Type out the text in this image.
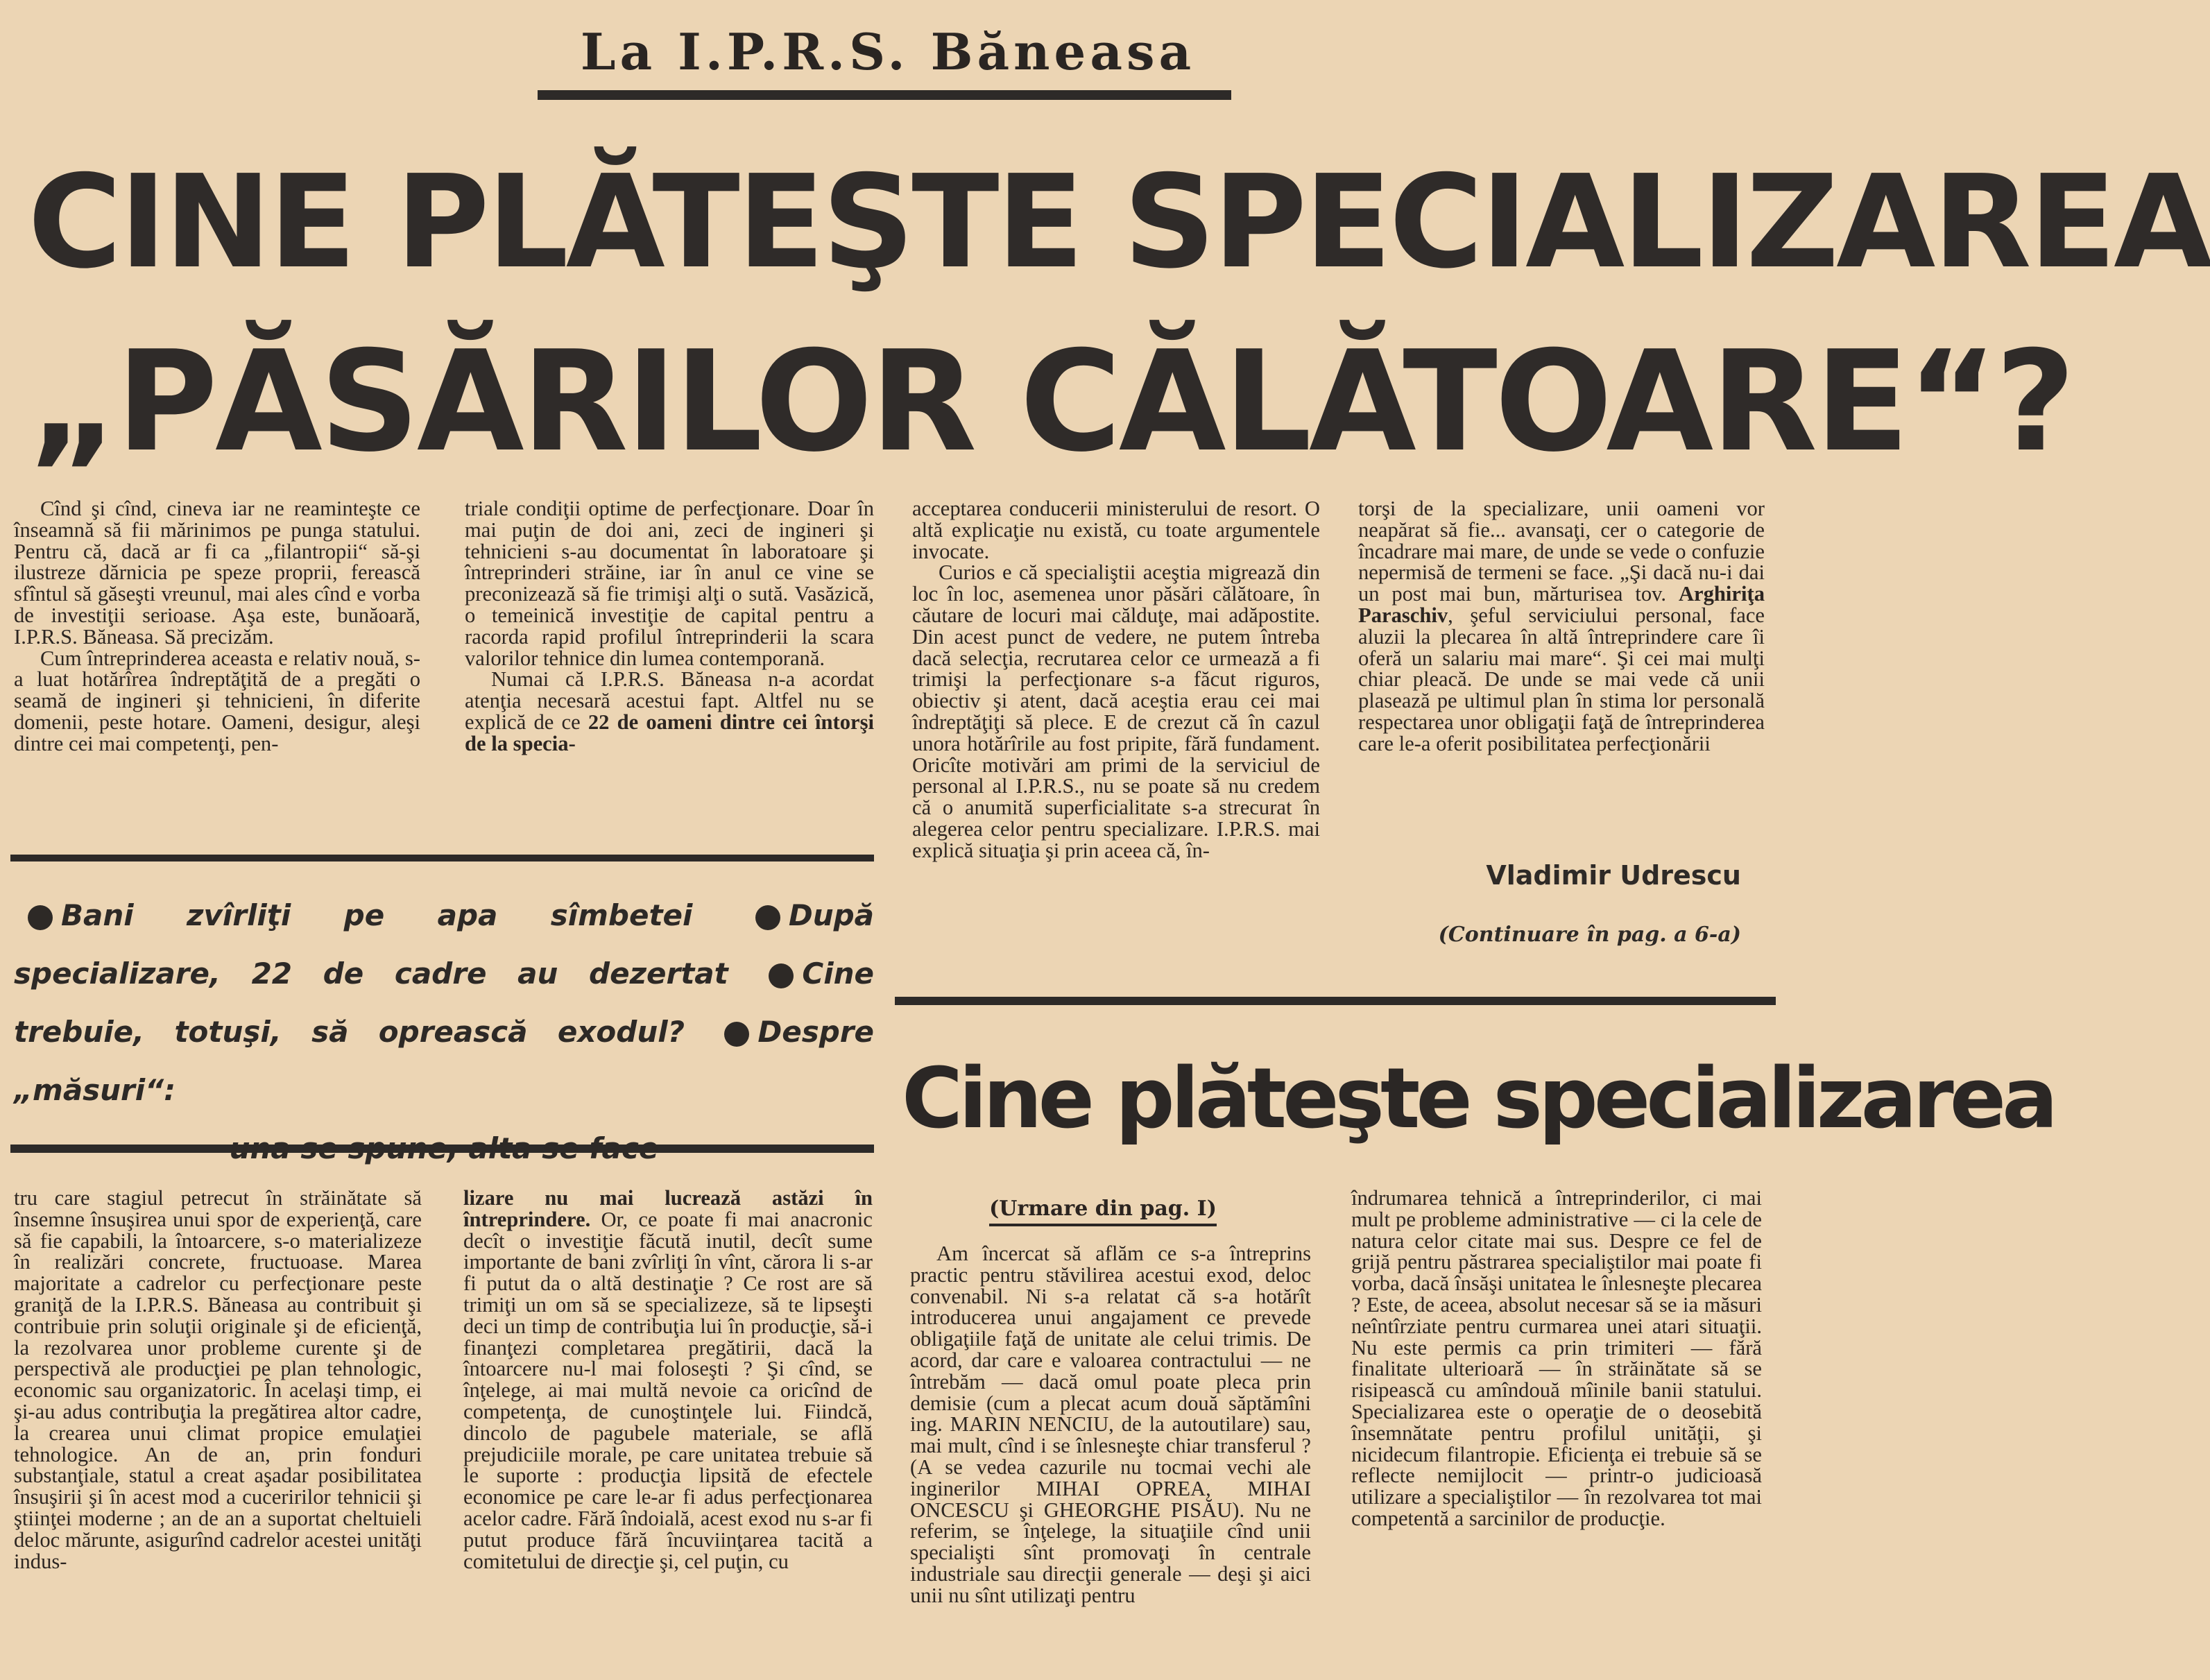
La I.P.R.S. Băneasa
CINE PLĂTEŞTE SPECIALIZAREA
„PĂSĂRILOR CĂLĂTOARE“?

Cînd şi cînd, cineva iar ne reaminteşte ce înseamnă să fii mărinimos pe punga statului. Pentru că, dacă ar fi ca „filantropii“ să-şi ilustreze dărnicia pe speze proprii, ferească sfîntul să găseşti vreunul, mai ales cînd e vorba de investiţii serioase. Aşa este, bunăoară, I.P.R.S. Băneasa. Să precizăm.

Cum întreprinderea aceasta e relativ nouă, s-a luat hotărîrea îndreptăţită de a pregăti o seamă de ingineri şi tehnicieni, în diferite domenii, peste hotare. Oameni, desigur, aleşi dintre cei mai competenţi, pen-

triale condiţii optime de perfecţionare. Doar în mai puţin de doi ani, zeci de ingineri şi tehnicieni s-au documentat în laboratoare şi întreprinderi străine, iar în anul ce vine se preconizează să fie trimişi alţi o sută. Vasăzică, o temeinică investiţie de capital pentru a racorda rapid profilul întreprinderii la scara valorilor tehnice din lumea contemporană.

Numai că I.P.R.S. Băneasa n-a acordat atenţia necesară acestui fapt. Altfel nu se explică de ce 22 de oameni dintre cei întorşi de la specia-

acceptarea conducerii ministerului de resort. O altă explicaţie nu există, cu toate argumentele invocate.

Curios e că specialiştii aceştia migrează din loc în loc, asemenea unor păsări călătoare, în căutare de locuri mai călduţe, mai adăpostite. Din acest punct de vedere, ne putem întreba dacă selecţia, recrutarea celor ce urmează a fi trimişi la perfecţionare s-a făcut riguros, obiectiv şi atent, dacă aceştia erau cei mai îndreptăţiţi să plece. E de crezut că în cazul unora hotărîrile au fost pripite, fără fundament. Oricîte motivări am primi de la serviciul de personal al I.P.R.S., nu se poate să nu credem că o anumită superficialitate s-a strecurat în alegerea celor pentru specializare. I.P.R.S. mai explică situaţia şi prin aceea că, în-

torşi de la specializare, unii oameni vor neapărat să fie... avansaţi, cer o categorie de încadrare mai mare, de unde se vede o confuzie nepermisă de termeni se face. „Şi dacă nu-i dai un post mai bun, mărturisea tov. Arghiriţa Paraschiv, şeful serviciului personal, face aluzii la plecarea în altă întreprindere care îi oferă un salariu mai mare“. Şi cei mai mulţi chiar pleacă. De unde se mai vede că unii plasează pe ultimul plan în stima lor personală respectarea unor obligaţii faţă de întreprinderea care le-a oferit posibilitatea perfecţionării

Vladimir Udrescu
(Continuare în pag. a 6-a)
Bani zvîrliţi pe apa sîmbetei	După specializare, 22 de cadre au dezertat	Cine trebuie, totuşi, să oprească exodul?	Despre „măsuri“:
una se spune, alta se face
Cine plăteşte specializarea
(Urmare din pag. I)

tru care stagiul petrecut în străinătate să însemne însuşirea unui spor de experienţă, care să fie capabili, la întoarcere, s-o materializeze în realizări concrete, fructuoase. Marea majoritate a cadrelor cu perfecţionare peste graniţă de la I.P.R.S. Băneasa au contribuit şi contribuie prin soluţii originale şi de eficienţă, la rezolvarea unor probleme curente şi de perspectivă ale producţiei pe plan tehnologic, economic sau organizatoric. În acelaşi timp, ei şi-au adus contribuţia la pregătirea altor cadre, la crearea unui climat propice emulaţiei tehnologice. An de an, prin fonduri substanţiale, statul a creat aşadar posibilitatea însuşirii şi în acest mod a cuceririlor tehnicii şi ştiinţei moderne ; an de an a suportat cheltuieli deloc mărunte, asigurînd cadrelor acestei unităţi indus-

lizare nu mai lucrează astăzi în întreprindere. Or, ce poate fi mai anacronic decît o investiţie făcută inutil, decît sume importante de bani zvîrliţi în vînt, cărora li s-ar fi putut da o altă destinaţie ? Ce rost are să trimiţi un om să se specializeze, să te lipseşti deci un timp de contribuţia lui în producţie, să-i finanţezi completarea pregătirii, dacă la întoarcere nu-l mai foloseşti ? Şi cînd, se înţelege, ai mai multă nevoie ca oricînd de competenţa, de cunoştinţele lui. Fiindcă, dincolo de pagubele materiale, se află prejudiciile morale, pe care unitatea trebuie să le suporte : producţia lipsită de efectele economice pe care le-ar fi adus perfecţionarea acelor cadre. Fără îndoială, acest exod nu s-ar fi putut produce fără încuviinţarea tacită a comitetului de direcţie şi, cel puţin, cu

Am încercat să aflăm ce s-a întreprins practic pentru stăvilirea acestui exod, deloc convenabil. Ni s-a relatat că s-a hotărît introducerea unui angajament ce prevede obligaţiile faţă de unitate ale celui trimis. De acord, dar care e valoarea contractului — ne întrebăm — dacă omul poate pleca prin demisie (cum a plecat acum două săptămîni ing. MARIN NENCIU, de la autoutilare) sau, mai mult, cînd i se înlesneşte chiar transferul ? (A se vedea cazurile nu tocmai vechi ale inginerilor MIHAI OPREA, MIHAI ONCESCU şi GHEORGHE PISĂU). Nu ne referim, se înţelege, la situaţiile cînd unii specialişti sînt promovaţi în centrale industriale sau direcţii generale — deşi şi aici unii nu sînt utilizaţi pentru

îndrumarea tehnică a întreprinderilor, ci mai mult pe probleme administrative — ci la cele de natura celor citate mai sus. Despre ce fel de grijă pentru păstrarea specialiştilor mai poate fi vorba, dacă însăşi unitatea le înlesneşte plecarea ? Este, de aceea, absolut necesar să se ia măsuri neîntîrziate pentru curmarea unei atari situaţii. Nu este permis ca prin trimiteri — fără finalitate ulterioară — în străinătate să se risipească cu amîndouă mîinile banii statului. Specializarea este o operaţie de o deosebită însemnătate pentru profilul unităţii, şi nicidecum filantropie. Eficienţa ei trebuie să se reflecte nemijlocit — printr-o judicioasă utilizare a specialiştilor — în rezolvarea tot mai competentă a sarcinilor de producţie.
